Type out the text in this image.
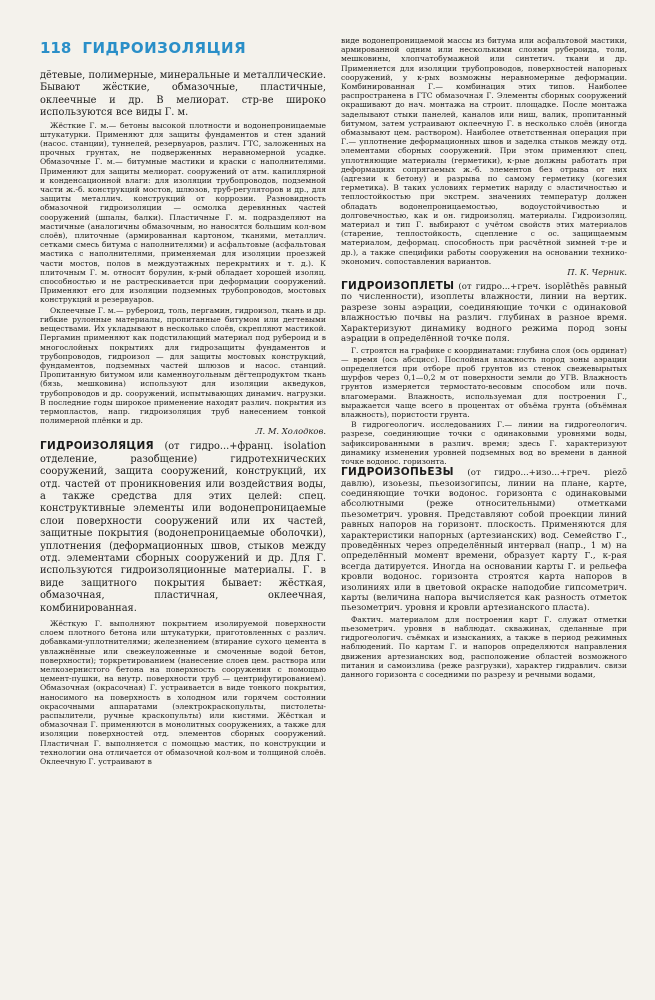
118 ГИДРОИЗОЛЯЦИЯ

дётевые, полимерные, минеральные и металлические. Бывают жёсткие, обмазочные, пластичные, оклеечные и др. В мелиорат. стр-ве широко используются все виды Г. м.

Жёсткие Г. м.— бетоны высокой плотности и водонепроницаемые штукатурки. Применяют для защиты фундаментов и стен зданий (насос. станции), туннелей, резервуаров, различ. ГТС, заложенных на прочных грунтах, не подверженных неравномерной усадке. Обмазочные Г. м.— битумные мастики и краски с наполнителями. Применяют для защиты мелиорат. сооружений от атм. капиллярной и конденсационной влаги: для изоляции трубопроводов, подземной части ж.-б. конструкций мостов, шлюзов, труб-регуляторов и др., для защиты металлич. конструкций от коррозии. Разновидность обмазочной гидроизоляции — осмолка деревянных частей сооружений (шпалы, балки). Пластичные Г. м. подразделяют на мастичные (аналогичны обмазочным, но наносятся большим кол-вом слоёв), плиточные (армированная картоном, тканями, металлич. сетками смесь битума с наполнителями) и асфальтовые (асфальтовая мастика с наполнителями, применяемая для изоляции проезжей части мостов, полов в междуэтажных перекрытиях и т. д.). К плиточным Г. м. относят борулин, к-рый обладает хорошей изоляц. способностью и не растрескивается при деформации сооружений. Применяют его для изоляции подземных трубопроводов, мостовых конструкций и резервуаров.

Оклеечные Г. м.— рубероид, толь, пергамин, гидроизол, ткань и др. гибкие рулонные материалы, пропитанные битумом или дегтевыми веществами. Их укладывают в несколько слоёв, скрепляют мастикой. Пергамин применяют как подстилающий материал под рубероид и в многослойных покрытиях для гидрозащиты фундаментов и трубопроводов, гидроизол — для защиты мостовых конструкций, фундаментов, подземных частей шлюзов и насос. станций. Пропитанную битумом или каменноугольным дёгтепродуктом ткань (бязь, мешковина) используют для изоляции акведуков, трубопроводов и др. сооружений, испытывающих динамич. нагрузки. В последние годы широкое применение находят различ. покрытия из термопластов, напр. гидроизоляция труб нанесением тонкой полимерной плёнки и др.

Л. М. Холодков.

ГИДРОИЗОЛЯЦИЯ (от гидро...+франц. isolation отделение, разобщение) гидротехнических сооружений, защита сооружений, конструкций, их отд. частей от проникновения или воздействия воды, а также средства для этих целей: спец. конструктивные элементы или водонепроницаемые слои поверхности сооружений или их частей, защитные покрытия (водонепроницаемые оболочки), уплотнения (деформационных швов, стыков между отд. элементами сборных сооружений и др. Для Г. используются гидроизоляционные материалы. Г. в виде защитного покрытия бывает: жёсткая, обмазочная, пластичная, оклеечная, комбинированная.

Жёсткую Г. выполняют покрытием изолируемой поверхности слоем плотного бетона или штукатурки, приготовленных с различ. добавками-уплотнителями; железнением (втирание сухого цемента в увлажнённые или свежеуложенные и смоченные водой бетон, поверхности); торкретированием (нанесение слоев цем. раствора или мелкозернистого бетона на поверхность сооружения с помощью цемент-пушки, на внутр. поверхности труб — центрифугированием). Обмазочная (окрасочная) Г. устраивается в виде тонкого покрытия, наносимого на поверхность в холодном или горячем состоянии окрасочными аппаратами (электрокраскопульты, пистолеты-распылители, ручные краскопульты) или кистями. Жёсткая и обмазочная Г. применяются в монолитных сооружениях, а также для изоляции поверхностей отд. элементов сборных сооружений. Пластичная Г. выполняется с помощью мастик, по конструкции и технологии она отличается от обмазочной кол-вом и толщиной слоёв. Оклеечную Г. устраивают в

виде водонепроницаемой массы из битума или асфальтовой мастики, армированной одним или несколькими слоями рубероида, толи, мешковины, хлопчатобумажной или синтетич. ткани и др. Применяется для изоляции трубопроводов, поверхностей напорных сооружений, у к-рых возможны неравномерные деформации. Комбинированная Г.— комбинация этих типов. Наиболее распространена в ГТС обмазочная Г. Элементы сборных сооружений окрашивают до нач. монтажа на строит. площадке. После монтажа заделывают стыки панелей, каналов или ниш, валик, пропитанный битумом, затем устраивают оклеечную Г. в несколько слоёв (иногда обмазывают цем. раствором). Наиболее ответственная операция при Г.— уплотнение деформационных швов и заделка стыков между отд. элементами сборных сооружений. При этом применяют спец. уплотняющие материалы (герметики), к-рые должны работать при деформациях сопрягаемых ж.-б. элементов без отрыва от них (адгезии к бетону) и разрыва по самому герметику (когезия герметика). В таких условиях герметик наряду с эластичностью и теплостойкостью при экстрем. значениях температур должен обладать водонепроницаемостью, водоустойчивостью и долговечностью, как и он. гидроизоляц. материалы. Гидроизоляц. материал и тип Г. выбирают с учётом свойств этих материалов (старение, теплостойкость, сцепление с ос. защищаемым материалом, деформац. способность при расчётной зимней т-ре и др.), а также специфики работы сооружения на основании технико-экономич. сопоставления вариантов.

П. К. Черник.

ГИДРОИЗОПЛЕТЫ (от гидро...+греч. isoplēthēs равный по численности), изоплеты влажности, линии на вертик. разрезе зоны аэрации, соединяющие точки с одинаковой влажностью почвы на различ. глубинах в разное время. Характеризуют динамику водного режима пород зоны аэрации в определённой точке поля.

Г. строятся на графике с координатами: глубина слоя (ось ординат) — время (ось абсцисс). Послойная влажность пород зоны аэрации определяется при отборе проб грунтов из стенок свежевырытых шурфов через 0,1—0,2 м от поверхности земли до УГВ. Влажность грунтов измеряется термостато-весовым способом или почв. влагомерами. Влажность, используемая для построения Г., выражается чаще всего в процентах от объёма грунта (объёмная влажность), пористости грунта.

В гидрогеологич. исследованиях Г.— линии на гидрогеологич. разрезе, соединяющие точки с одинаковыми уровнями воды, зафиксированными в различ. время; здесь Г. характеризуют динамику изменения уровней подземных вод во времени в данной точке водонос. горизонта.

ГИДРОИЗОПЬЕЗЫ (от гидро...+изо...+греч. piezō давлю), изоьезы, пьезоизогипсы, линии на плане, карте, соединяющие точки водонос. горизонта с одинаковыми абсолютными (реже относительными) отметками пьезометрич. уровня. Представляют собой проекции линий равных напоров на горизонт. плоскость. Применяются для характеристики напорных (артезианских) вод. Семейство Г., проведённых через определённый интервал (напр., 1 м) на определённый момент времени, образует карту Г., к-рая всегда датируется. Иногда на основании карты Г. и рельефа кровли водонос. горизонта строятся карта напоров в изолиниях или в цветовой окраске наподобие гипсометрич. карты (величина напора вычисляется как разность отметок пьезометрич. уровня и кровли артезианского пласта).

Фактич. материалом для построения карт Г. служат отметки пьезометрич. уровня в наблюдат. скважинах, сделанные при гидрогеологич. съёмках и изысканиях, а также в период режимных наблюдений. По картам Г. и напоров определяются направления движения артезианских вод, расположение областей возможного питания и самоизлива (реже разгрузки), характер гидравлич. связи данного горизонта с соседними по разрезу и речными водами,
